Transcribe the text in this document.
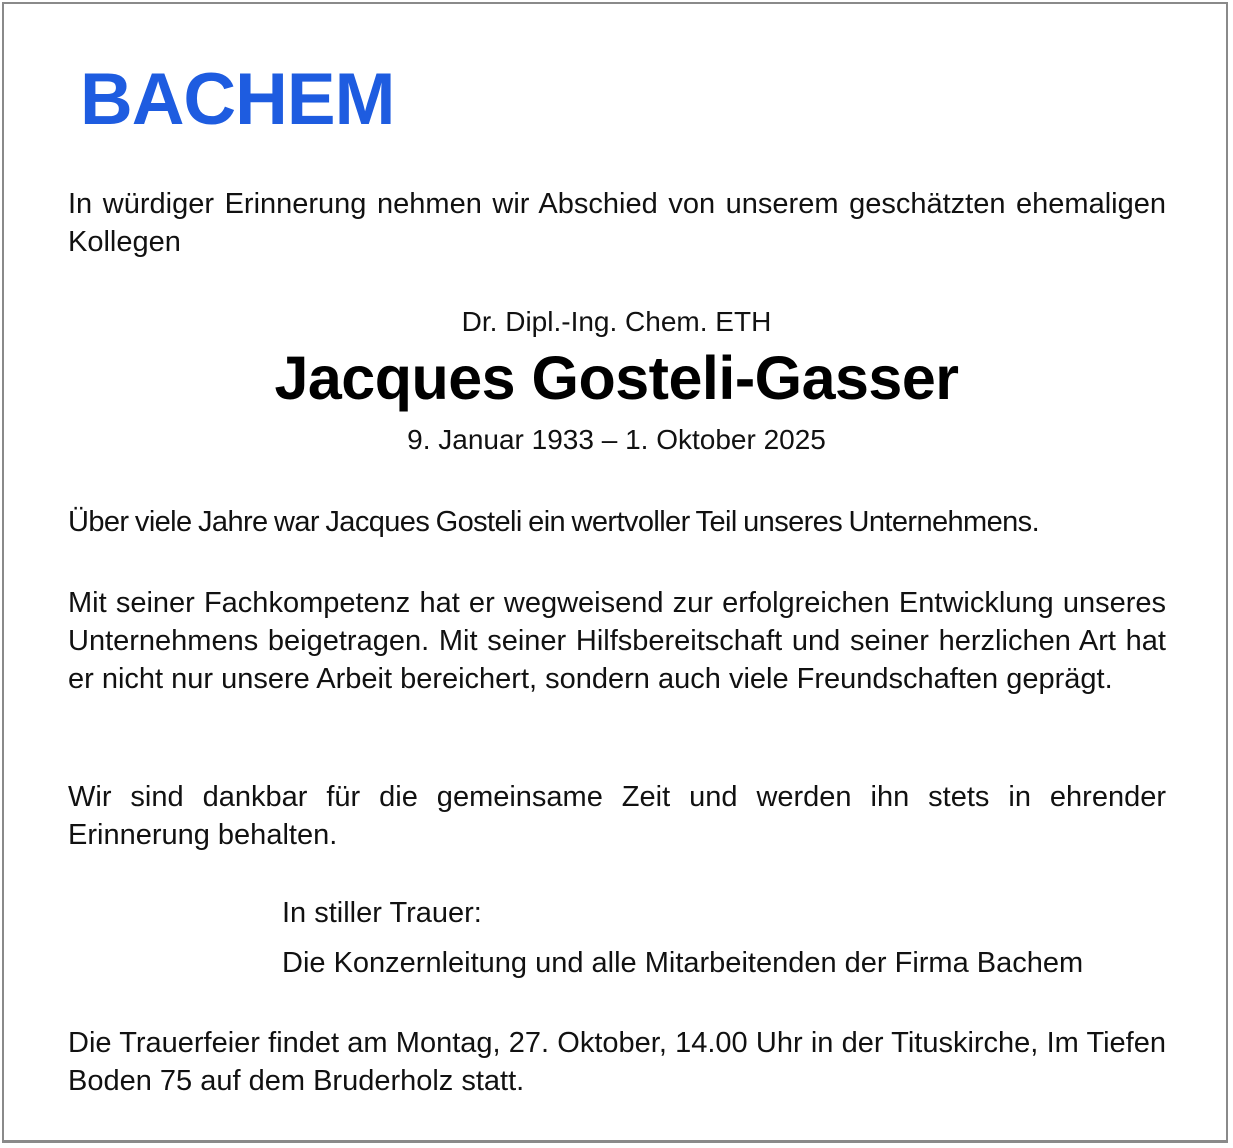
BACHEM

In würdiger Erinnerung nehmen wir Abschied von unserem geschätzten ehemaligen Kollegen

Dr. Dipl.-Ing. Chem. ETH

Jacques Gosteli-Gasser

9. Januar 1933 – 1. Oktober 2025

Über viele Jahre war Jacques Gosteli ein wertvoller Teil unseres Unternehmens.

Mit seiner Fachkompetenz hat er wegweisend zur erfolgreichen Entwicklung unseres Unternehmens beigetragen. Mit seiner Hilfsbereitschaft und seiner herzlichen Art hat er nicht nur unsere Arbeit bereichert, sondern auch viele Freundschaften geprägt.

Wir sind dankbar für die gemeinsame Zeit und werden ihn stets in ehrender Erinnerung behalten.

In stiller Trauer:

Die Konzernleitung und alle Mitarbeitenden der Firma Bachem

Die Trauerfeier findet am Montag, 27. Oktober, 14.00 Uhr in der Tituskirche, Im Tiefen Boden 75 auf dem Bruderholz statt.
